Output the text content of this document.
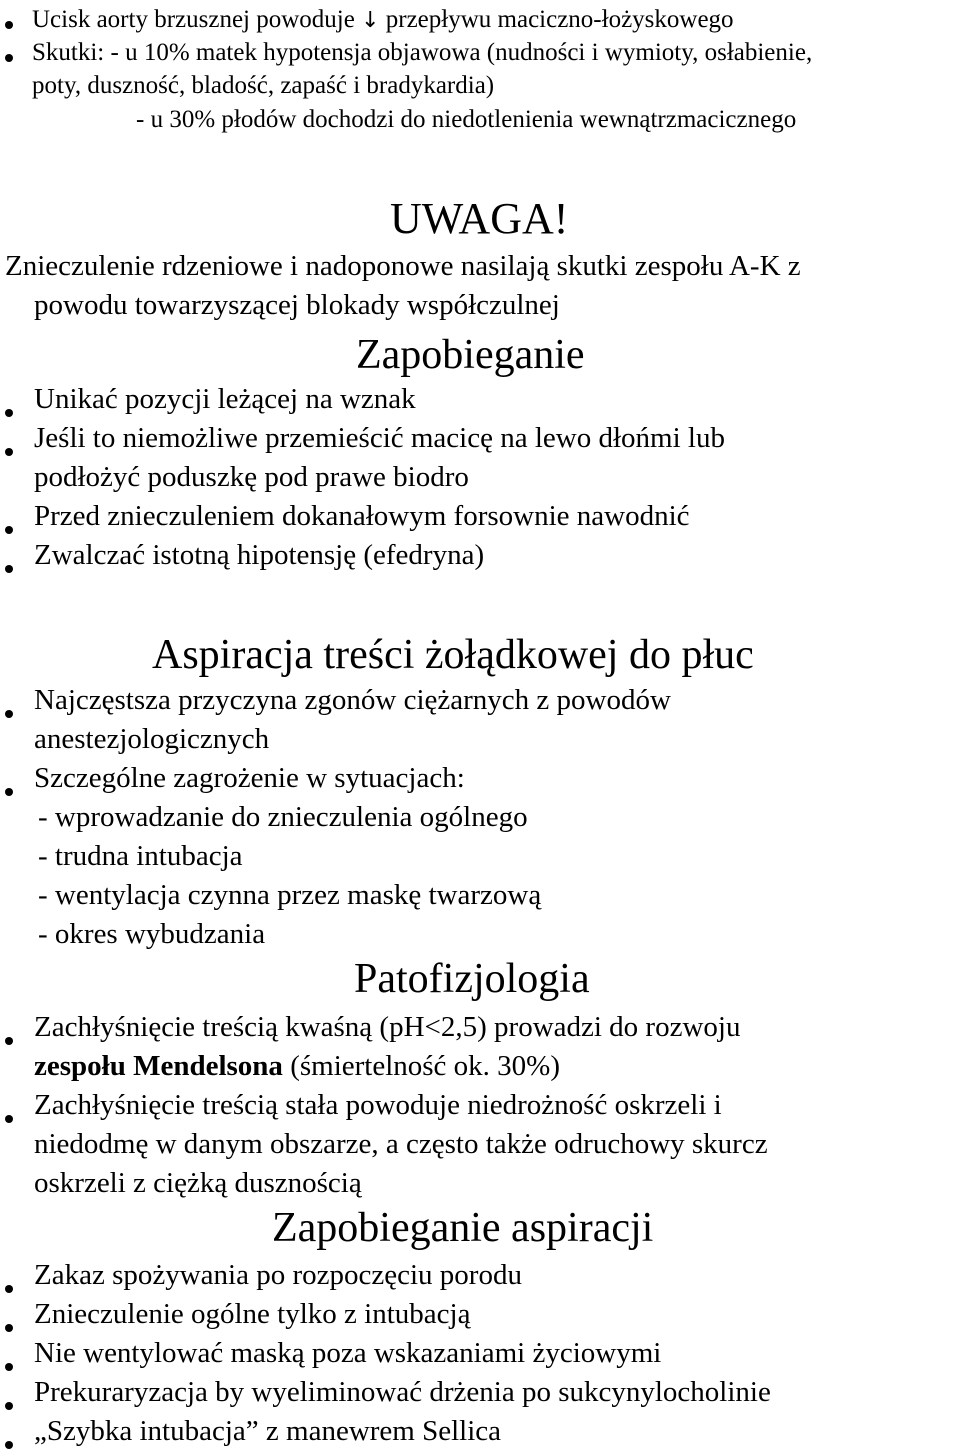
Ucisk aorty brzusznej powoduje ↓ przepływu maciczno-łożyskowego
Skutki: - u 10% matek hypotensja objawowa (nudności i wymioty, osłabienie,
poty, duszność, bladość, zapaść i bradykardia)
- u 30% płodów dochodzi do niedotlenienia wewnątrzmacicznego
UWAGA!
Znieczulenie rdzeniowe i nadoponowe nasilają skutki zespołu A-K z
powodu towarzyszącej blokady współczulnej
Zapobieganie
Unikać pozycji leżącej na wznak
Jeśli to niemożliwe przemieścić macicę na lewo dłońmi lub
podłożyć poduszkę pod prawe biodro
Przed znieczuleniem dokanałowym forsownie nawodnić
Zwalczać istotną hipotensję (efedryna)
Aspiracja treści żołądkowej do płuc
Najczęstsza przyczyna zgonów ciężarnych z powodów
anestezjologicznych
Szczególne zagrożenie w sytuacjach:
- wprowadzanie do znieczulenia ogólnego
- trudna intubacja
- wentylacja czynna przez maskę twarzową
- okres wybudzania
Patofizjologia
Zachłyśnięcie treścią kwaśną (pH<2,5) prowadzi do rozwoju
zespołu Mendelsona (śmiertelność ok. 30%)
Zachłyśnięcie treścią stała powoduje niedrożność oskrzeli i
niedodmę w danym obszarze, a często także odruchowy skurcz
oskrzeli z ciężką dusznością
Zapobieganie aspiracji
Zakaz spożywania po rozpoczęciu porodu
Znieczulenie ogólne tylko z intubacją
Nie wentylować maską poza wskazaniami życiowymi
Prekuraryzacja by wyeliminować drżenia po sukcynylocholinie
„Szybka intubacja” z manewrem Sellica
